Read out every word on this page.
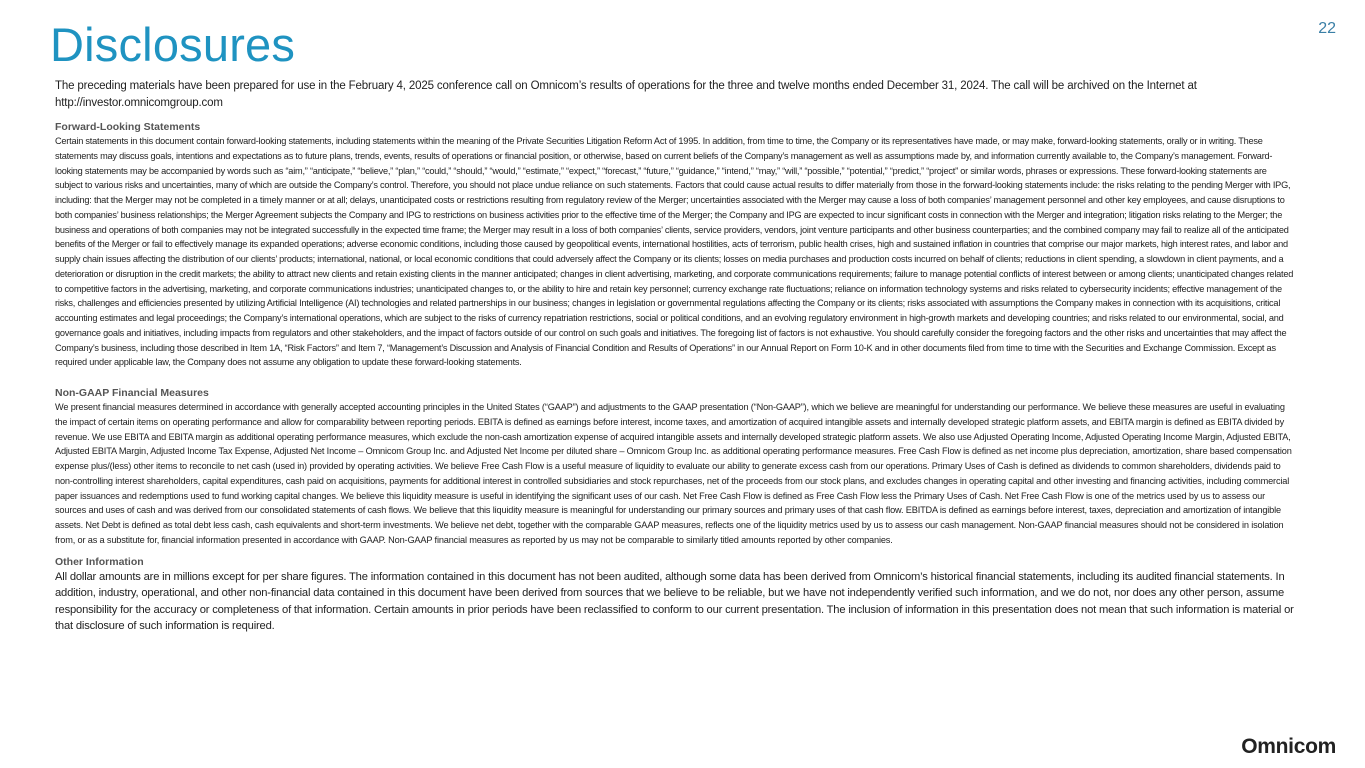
Disclosures	22

The preceding materials have been prepared for use in the February 4, 2025 conference call on Omnicom’s results of operations for the three and twelve months ended December 31, 2024. The call will be archived on the Internet at http://investor.omnicomgroup.com

Forward-Looking Statements

Certain statements in this document contain forward-looking statements, including statements within the meaning of the Private Securities Litigation Reform Act of 1995. In addition, from time to time, the Company or its representatives have made, or may make, forward-looking statements, orally or in writing. These statements may discuss goals, intentions and expectations as to future plans, trends, events, results of operations or financial position, or otherwise, based on current beliefs of the Company’s management as well as assumptions made by, and information currently available to, the Company’s management. Forward-looking statements may be accompanied by words such as “aim,” “anticipate,” “believe,” “plan,” “could,” “should,” “would,” “estimate,” “expect,” “forecast,” “future,” “guidance,” “intend,” “may,” “will,” “possible,” “potential,” “predict,” “project” or similar words, phrases or expressions. These forward-looking statements are subject to various risks and uncertainties, many of which are outside the Company’s control. Therefore, you should not place undue reliance on such statements. Factors that could cause actual results to differ materially from those in the forward-looking statements include: the risks relating to the pending Merger with IPG, including: that the Merger may not be completed in a timely manner or at all; delays, unanticipated costs or restrictions resulting from regulatory review of the Merger; uncertainties associated with the Merger may cause a loss of both companies’ management personnel and other key employees, and cause disruptions to both companies’ business relationships; the Merger Agreement subjects the Company and IPG to restrictions on business activities prior to the effective time of the Merger; the Company and IPG are expected to incur significant costs in connection with the Merger and integration; litigation risks relating to the Merger; the business and operations of both companies may not be integrated successfully in the expected time frame; the Merger may result in a loss of both companies’ clients, service providers, vendors, joint venture participants and other business counterparties; and the combined company may fail to realize all of the anticipated benefits of the Merger or fail to effectively manage its expanded operations; adverse economic conditions, including those caused by geopolitical events, international hostilities, acts of terrorism, public health crises, high and sustained inflation in countries that comprise our major markets, high interest rates, and labor and supply chain issues affecting the distribution of our clients’ products; international, national, or local economic conditions that could adversely affect the Company or its clients; losses on media purchases and production costs incurred on behalf of clients; reductions in client spending, a slowdown in client payments, and a deterioration or disruption in the credit markets; the ability to attract new clients and retain existing clients in the manner anticipated; changes in client advertising, marketing, and corporate communications requirements; failure to manage potential conflicts of interest between or among clients; unanticipated changes related to competitive factors in the advertising, marketing, and corporate communications industries; unanticipated changes to, or the ability to hire and retain key personnel; currency exchange rate fluctuations; reliance on information technology systems and risks related to cybersecurity incidents; effective management of the risks, challenges and efficiencies presented by utilizing Artificial Intelligence (AI) technologies and related partnerships in our business; changes in legislation or governmental regulations affecting the Company or its clients; risks associated with assumptions the Company makes in connection with its acquisitions, critical accounting estimates and legal proceedings; the Company’s international operations, which are subject to the risks of currency repatriation restrictions, social or political conditions, and an evolving regulatory environment in high-growth markets and developing countries; and risks related to our environmental, social, and governance goals and initiatives, including impacts from regulators and other stakeholders, and the impact of factors outside of our control on such goals and initiatives. The foregoing list of factors is not exhaustive. You should carefully consider the foregoing factors and the other risks and uncertainties that may affect the Company’s business, including those described in Item 1A, “Risk Factors” and Item 7, “Management’s Discussion and Analysis of Financial Condition and Results of Operations” in our Annual Report on Form 10-K and in other documents filed from time to time with the Securities and Exchange Commission. Except as required under applicable law, the Company does not assume any obligation to update these forward-looking statements.

Non-GAAP Financial Measures

We present financial measures determined in accordance with generally accepted accounting principles in the United States (“GAAP”) and adjustments to the GAAP presentation (“Non-GAAP”), which we believe are meaningful for understanding our performance. We believe these measures are useful in evaluating the impact of certain items on operating performance and allow for comparability between reporting periods. EBITA is defined as earnings before interest, income taxes, and amortization of acquired intangible assets and internally developed strategic platform assets, and EBITA margin is defined as EBITA divided by revenue. We use EBITA and EBITA margin as additional operating performance measures, which exclude the non-cash amortization expense of acquired intangible assets and internally developed strategic platform assets. We also use Adjusted Operating Income, Adjusted Operating Income Margin, Adjusted EBITA, Adjusted EBITA Margin, Adjusted Income Tax Expense, Adjusted Net Income – Omnicom Group Inc. and Adjusted Net Income per diluted share – Omnicom Group Inc. as additional operating performance measures. Free Cash Flow is defined as net income plus depreciation, amortization, share based compensation expense plus/(less) other items to reconcile to net cash (used in) provided by operating activities. We believe Free Cash Flow is a useful measure of liquidity to evaluate our ability to generate excess cash from our operations. Primary Uses of Cash is defined as dividends to common shareholders, dividends paid to non-controlling interest shareholders, capital expenditures, cash paid on acquisitions, payments for additional interest in controlled subsidiaries and stock repurchases, net of the proceeds from our stock plans, and excludes changes in operating capital and other investing and financing activities, including commercial paper issuances and redemptions used to fund working capital changes. We believe this liquidity measure is useful in identifying the significant uses of our cash. Net Free Cash Flow is defined as Free Cash Flow less the Primary Uses of Cash. Net Free Cash Flow is one of the metrics used by us to assess our sources and uses of cash and was derived from our consolidated statements of cash flows. We believe that this liquidity measure is meaningful for understanding our primary sources and primary uses of that cash flow. EBITDA is defined as earnings before interest, taxes, depreciation and amortization of intangible assets. Net Debt is defined as total debt less cash, cash equivalents and short-term investments. We believe net debt, together with the comparable GAAP measures, reflects one of the liquidity metrics used by us to assess our cash management. Non-GAAP financial measures should not be considered in isolation from, or as a substitute for, financial information presented in accordance with GAAP. Non-GAAP financial measures as reported by us may not be comparable to similarly titled amounts reported by other companies.

Other Information

All dollar amounts are in millions except for per share figures. The information contained in this document has not been audited, although some data has been derived from Omnicom’s historical financial statements, including its audited financial statements. In addition, industry, operational, and other non-financial data contained in this document have been derived from sources that we believe to be reliable, but we have not independently verified such information, and we do not, nor does any other person, assume responsibility for the accuracy or completeness of that information. Certain amounts in prior periods have been reclassified to conform to our current presentation. The inclusion of information in this presentation does not mean that such information is material or that disclosure of such information is required.

Omnicom
